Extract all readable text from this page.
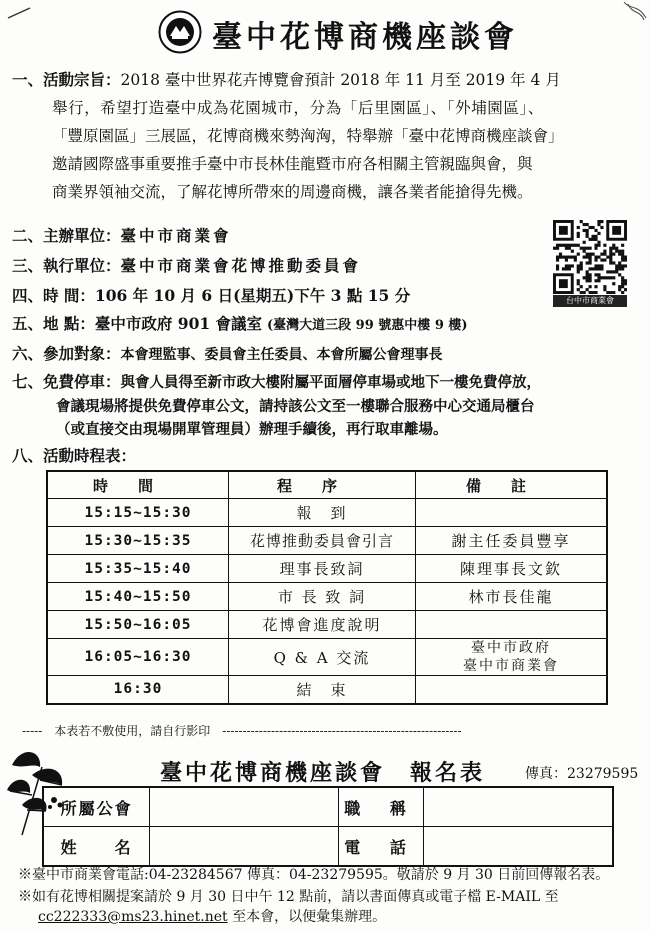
臺中花博商機座談會
一、活動宗旨：2018 臺中世界花卉博覽會預計 2018 年 11 月至 2019 年 4 月
舉行，希望打造臺中成為花園城市，分為「后里園區」、「外埔園區」、
「豐原園區」三展區，花博商機來勢洶洶，特舉辦「臺中花博商機座談會」
邀請國際盛事重要推手臺中市長林佳龍暨市府各相關主管親臨與會，與
商業界領袖交流，了解花博所帶來的周邊商機，讓各業者能搶得先機。
二、主辦單位：臺中市商業會
三、執行單位：臺中市商業會花博推動委員會
四、時 間：106 年 10 月 6 日(星期五)下午 3 點 15 分
五、地 點：臺中市政府 901 會議室 (臺灣大道三段 99 號惠中樓 9 樓)
台中市商業會
六、參加對象：本會理監事、委員會主任委員、本會所屬公會理事長
七、免費停車：與會人員得至新市政大樓附屬平面層停車場或地下一樓免費停放，
會議現場將提供免費停車公文，請持該公文至一樓聯合服務中心交通局櫃台
（或直接交由現場開單管理員）辦理手續後，再行取車離場。
八、活動時程表：
時間	程序	備註
15:15~15:30	報　到	
15:30~15:35	花博推動委員會引言	謝主任委員豐享
15:35~15:40	理事長致詞	陳理事長文欽
15:40~15:50	市 長 致 詞	林市長佳龍
15:50~16:05	花博會進度說明	
16:05~16:30	Q & A 交流	臺中市政府
臺中市商業會

16:30	結　束	
-----　本表若不敷使用，請自行影印　-----------------------------------------------------------
臺中花博商機座談會　報名表	傳真：23279595
所屬公會		職 稱	
姓　　名		電 話	
※臺中市商業會電話:04-23284567 傳真：04-23279595。敬請於 9 月 30 日前回傳報名表。
※如有花博相關提案請於 9 月 30 日中午 12 點前，請以書面傳真或電子檔 E-MAIL 至
cc222333@ms23.hinet.net 至本會，以便彙集辦理。
